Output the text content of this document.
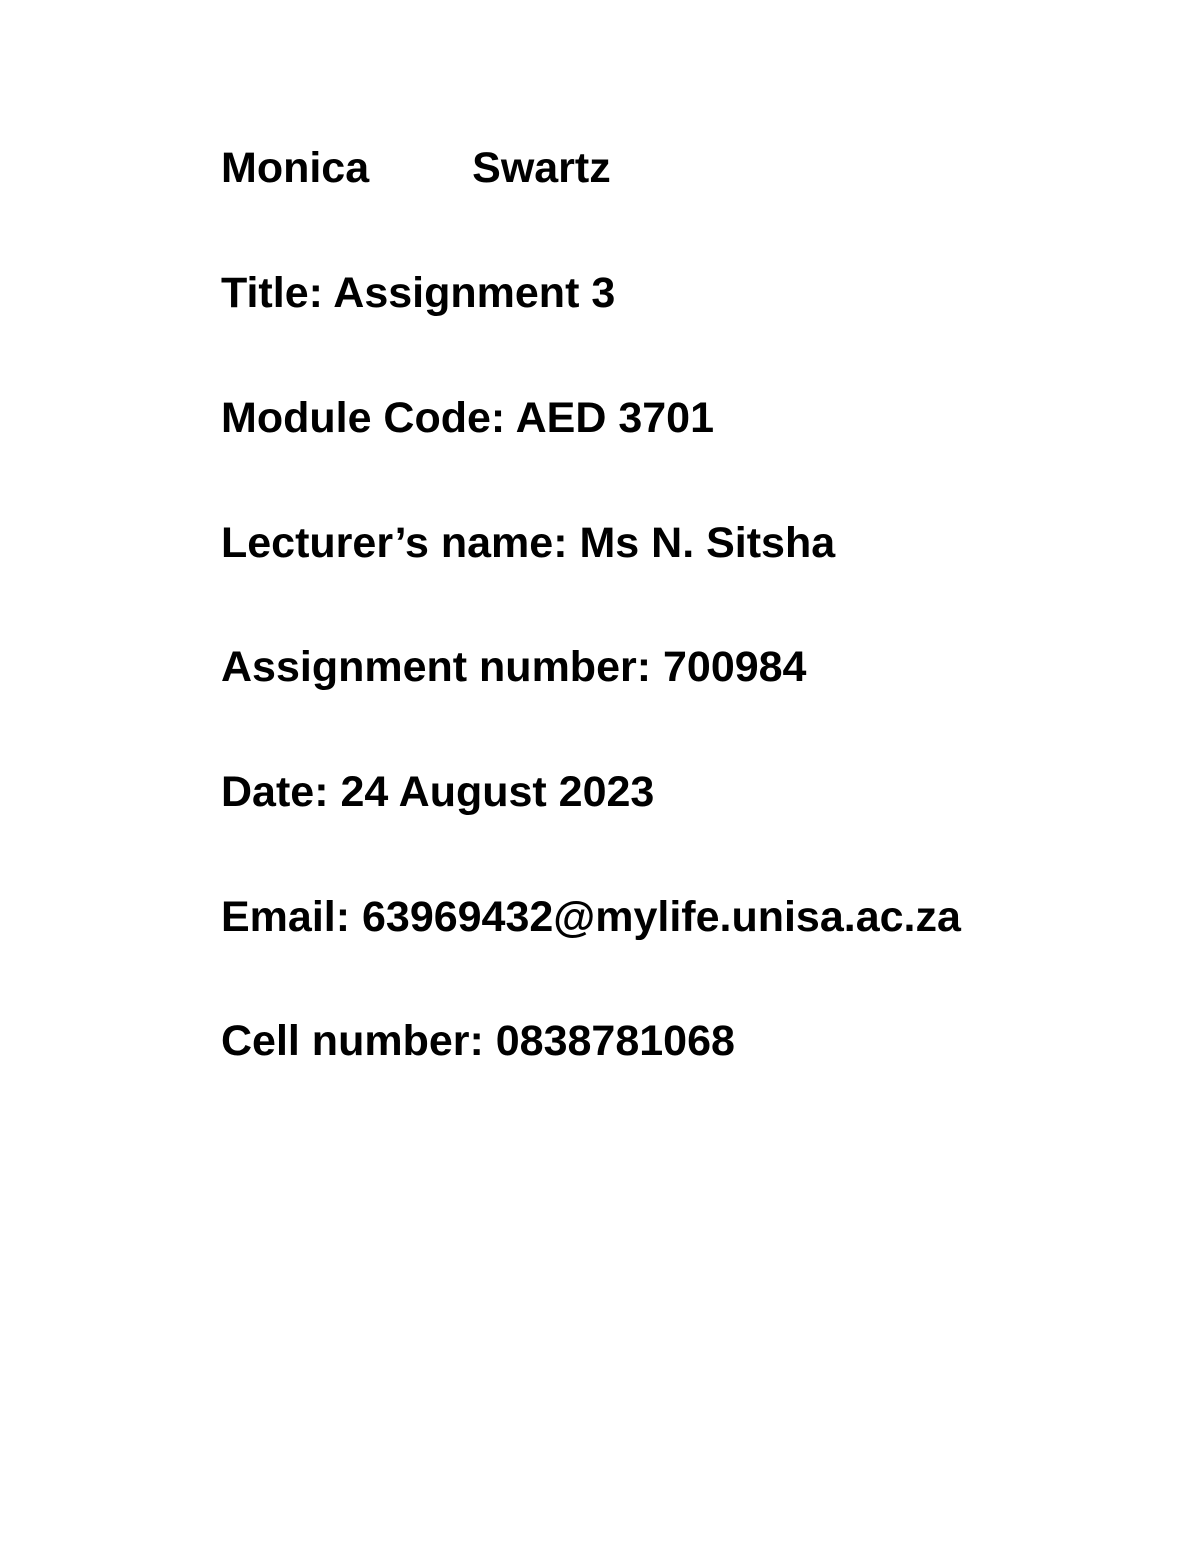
Monica Swartz

Title: Assignment 3

Module Code: AED 3701

Lecturer’s name: Ms N. Sitsha

Assignment number: 700984

Date: 24 August 2023

Email: 63969432@mylife.unisa.ac.za

Cell number: 0838781068
